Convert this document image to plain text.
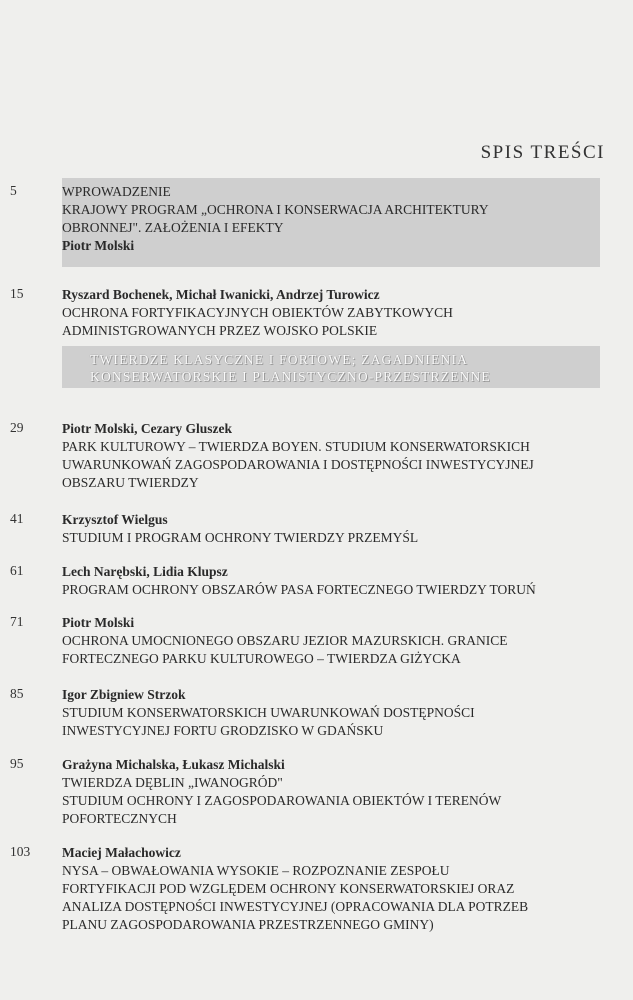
SPIS TREŚCI
5	WPROWADZENIE
KRAJOWY PROGRAM „OCHRONA I KONSERWACJA ARCHITEKTURY
OBRONNEJ". ZAŁOŻENIA I EFEKTY
Piotr Molski
15	Ryszard Bochenek, Michał Iwanicki, Andrzej Turowicz
OCHRONA FORTYFIKACYJNYCH OBIEKTÓW ZABYTKOWYCH
ADMINISTGROWANYCH PRZEZ WOJSKO POLSKIE
TWIERDZE KLASYCZNE I FORTOWE; ZAGADNIENIA
KONSERWATORSKIE I PLANISTYCZNO-PRZESTRZENNE
29	Piotr Molski, Cezary Gluszek
PARK KULTUROWY – TWIERDZA BOYEN. STUDIUM KONSERWATORSKICH
UWARUNKOWAŃ ZAGOSPODAROWANIA I DOSTĘPNOŚCI INWESTYCYJNEJ
OBSZARU TWIERDZY
41	Krzysztof Wielgus
STUDIUM I PROGRAM OCHRONY TWIERDZY PRZEMYŚL
61	Lech Narębski, Lidia Klupsz
PROGRAM OCHRONY OBSZARÓW PASA FORTECZNEGO TWIERDZY TORUŃ
71	Piotr Molski
OCHRONA UMOCNIONEGO OBSZARU JEZIOR MAZURSKICH. GRANICE
FORTECZNEGO PARKU KULTUROWEGO – TWIERDZA GIŻYCKA
85	Igor Zbigniew Strzok
STUDIUM KONSERWATORSKICH UWARUNKOWAŃ DOSTĘPNOŚCI
INWESTYCYJNEJ FORTU GRODZISKO W GDAŃSKU
95	Grażyna Michalska, Łukasz Michalski
TWIERDZA DĘBLIN „IWANOGRÓD"
STUDIUM OCHRONY I ZAGOSPODAROWANIA OBIEKTÓW I TERENÓW
POFORTECZNYCH
103 Maciej Małachowicz
NYSA – OBWAŁOWANIA WYSOKIE – ROZPOZNANIE ZESPOŁU
FORTYFIKACJI POD WZGLĘDEM OCHRONY KONSERWATORSKIEJ ORAZ
ANALIZA DOSTĘPNOŚCI INWESTYCYJNEJ (OPRACOWANIA DLA POTRZEB
PLANU ZAGOSPODAROWANIA PRZESTRZENNEGO GMINY)
